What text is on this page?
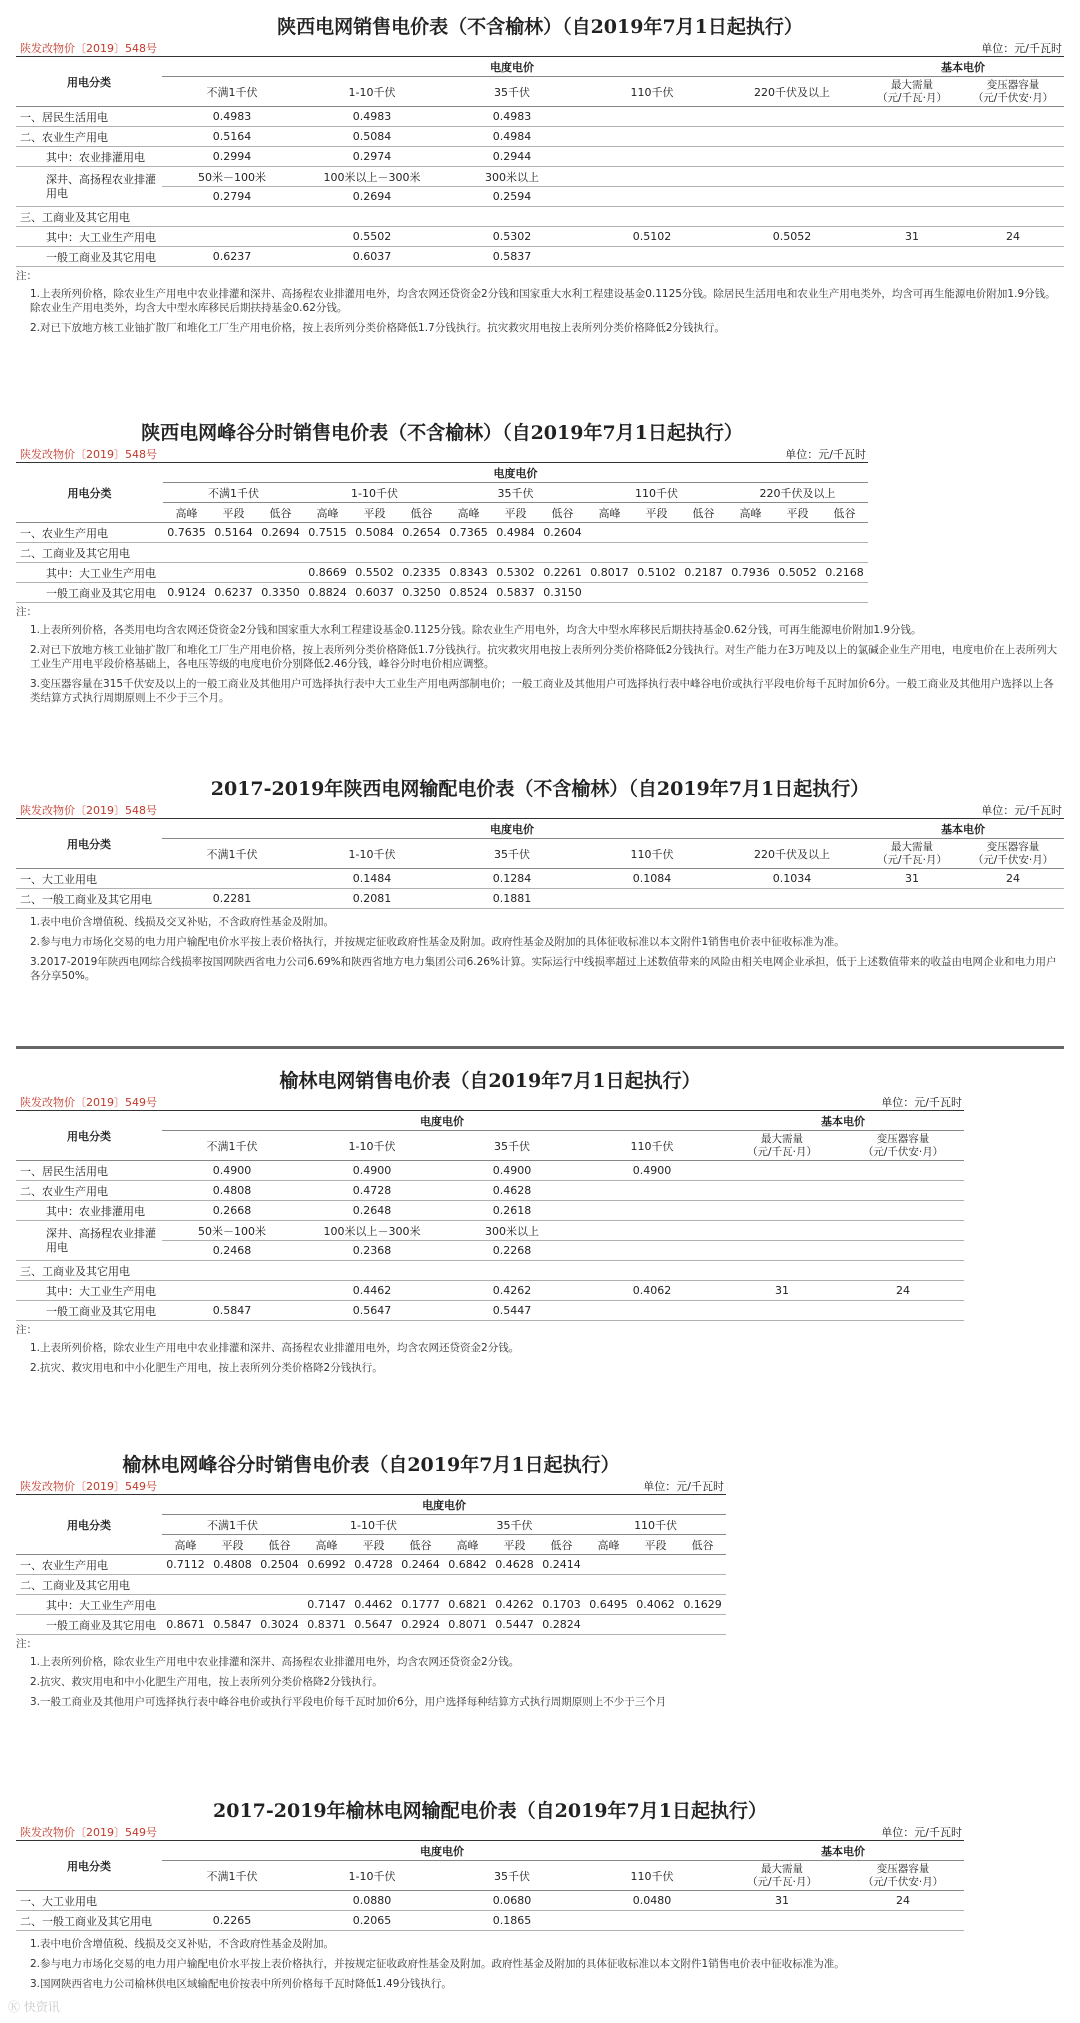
陕西电网销售电价表（不含榆林）（自2019年7月1日起执行）
陕发改物价〔2019〕548号	单位：元/千瓦时
用电分类	电度电价					基本电价	
	不满1千伏	1-10千伏	35千伏	110千伏	220千伏及以上	最大需量
（元/千瓦·月）	变压器容量
（元/千伏安·月）
一、居民生活用电	0.4983	0.4983	0.4983				
二、农业生产用电	0.5164	0.5084	0.4984				
其中：农业排灌用电	0.2994	0.2974	0.2944				
深井、高扬程农业排灌用电	50米－100米	100米以上－300米	300米以上				
	0.2794	0.2694	0.2594				
三、工商业及其它用电							
其中：大工业生产用电		0.5502	0.5302	0.5102	0.5052	31	24
一般工商业及其它用电	0.6237	0.6037	0.5837				
注：

1.上表所列价格，除农业生产用电中农业排灌和深井、高扬程农业排灌用电外，均含农网还贷资金2分钱和国家重大水利工程建设基金0.1125分钱。除居民生活用电和农业生产用电类外，均含可再生能源电价附加1.9分钱。除农业生产用电类外，均含大中型水库移民后期扶持基金0.62分钱。

2.对已下放地方核工业铀扩散厂和堆化工厂生产用电价格，按上表所列分类价格降低1.7分钱执行。抗灾救灾用电按上表所列分类价格降低2分钱执行。

陕西电网峰谷分时销售电价表（不含榆林）（自2019年7月1日起执行）
陕发改物价〔2019〕548号	单位：元/千瓦时
用电分类	电度电价														
	不满1千伏			1-10千伏			35千伏			110千伏			220千伏及以上		
	高峰	平段	低谷	高峰	平段	低谷	高峰	平段	低谷	高峰	平段	低谷	高峰	平段	低谷
一、农业生产用电	0.7635	0.5164	0.2694	0.7515	0.5084	0.2654	0.7365	0.4984	0.2604						
二、工商业及其它用电															
其中：大工业生产用电				0.8669	0.5502	0.2335	0.8343	0.5302	0.2261	0.8017	0.5102	0.2187	0.7936	0.5052	0.2168
一般工商业及其它用电	0.9124	0.6237	0.3350	0.8824	0.6037	0.3250	0.8524	0.5837	0.3150						
注：

1.上表所列价格，各类用电均含农网还贷资金2分钱和国家重大水利工程建设基金0.1125分钱。除农业生产用电外，均含大中型水库移民后期扶持基金0.62分钱，可再生能源电价附加1.9分钱。

2.对已下放地方核工业铀扩散厂和堆化工厂生产用电价格，按上表所列分类价格降低1.7分钱执行。抗灾救灾用电按上表所列分类价格降低2分钱执行。对生产能力在3万吨及以上的氯碱企业生产用电，电度电价在上表所列大工业生产用电平段价格基础上，各电压等级的电度电价分别降低2.46分钱，峰谷分时电价相应调整。

3.变压器容量在315千伏安及以上的一般工商业及其他用户可选择执行表中大工业生产用电两部制电价；一般工商业及其他用户可选择执行表中峰谷电价或执行平段电价每千瓦时加价6分。一般工商业及其他用户选择以上各类结算方式执行周期原则上不少于三个月。

2017-2019年陕西电网输配电价表（不含榆林）（自2019年7月1日起执行）
陕发改物价〔2019〕548号	单位：元/千瓦时
用电分类	电度电价					基本电价	
	不满1千伏	1-10千伏	35千伏	110千伏	220千伏及以上	最大需量
（元/千瓦·月）	变压器容量
（元/千伏安·月）
一、大工业用电		0.1484	0.1284	0.1084	0.1034	31	24
二、一般工商业及其它用电	0.2281	0.2081	0.1881				

1.表中电价含增值税、线损及交叉补贴，不含政府性基金及附加。

2.参与电力市场化交易的电力用户输配电价水平按上表价格执行，并按规定征收政府性基金及附加。政府性基金及附加的具体征收标准以本文附件1销售电价表中征收标准为准。

3.2017-2019年陕西电网综合线损率按国网陕西省电力公司6.69%和陕西省地方电力集团公司6.26%计算。实际运行中线损率超过上述数值带来的风险由相关电网企业承担，低于上述数值带来的收益由电网企业和电力用户各分享50%。

榆林电网销售电价表（自2019年7月1日起执行）
陕发改物价〔2019〕549号	单位：元/千瓦时
用电分类	电度电价				基本电价	
	不满1千伏	1-10千伏	35千伏	110千伏	最大需量
（元/千瓦·月）	变压器容量
（元/千伏安·月）
一、居民生活用电	0.4900	0.4900	0.4900	0.4900		
二、农业生产用电	0.4808	0.4728	0.4628			
其中：农业排灌用电	0.2668	0.2648	0.2618			
深井、高扬程农业排灌用电	50米－100米	100米以上－300米	300米以上			
	0.2468	0.2368	0.2268			
三、工商业及其它用电						
其中：大工业生产用电		0.4462	0.4262	0.4062	31	24
一般工商业及其它用电	0.5847	0.5647	0.5447			
注：

1.上表所列价格，除农业生产用电中农业排灌和深井、高扬程农业排灌用电外，均含农网还贷资金2分钱。

2.抗灾、救灾用电和中小化肥生产用电，按上表所列分类价格降2分钱执行。

榆林电网峰谷分时销售电价表（自2019年7月1日起执行）
陕发改物价〔2019〕549号	单位：元/千瓦时
用电分类	电度电价											
	不满1千伏			1-10千伏			35千伏			110千伏		
	高峰	平段	低谷	高峰	平段	低谷	高峰	平段	低谷	高峰	平段	低谷
一、农业生产用电	0.7112	0.4808	0.2504	0.6992	0.4728	0.2464	0.6842	0.4628	0.2414			
二、工商业及其它用电												
其中：大工业生产用电				0.7147	0.4462	0.1777	0.6821	0.4262	0.1703	0.6495	0.4062	0.1629
一般工商业及其它用电	0.8671	0.5847	0.3024	0.8371	0.5647	0.2924	0.8071	0.5447	0.2824			
注：

1.上表所列价格，除农业生产用电中农业排灌和深井、高扬程农业排灌用电外，均含农网还贷资金2分钱。

2.抗灾、救灾用电和中小化肥生产用电，按上表所列分类价格降2分钱执行。

3.一般工商业及其他用户可选择执行表中峰谷电价或执行平段电价每千瓦时加价6分，用户选择每种结算方式执行周期原则上不少于三个月

2017-2019年榆林电网输配电价表（自2019年7月1日起执行）
陕发改物价〔2019〕549号	单位：元/千瓦时
用电分类	电度电价				基本电价	
	不满1千伏	1-10千伏	35千伏	110千伏	最大需量
（元/千瓦·月）	变压器容量
（元/千伏安·月）
一、大工业用电		0.0880	0.0680	0.0480	31	24
二、一般工商业及其它用电	0.2265	0.2065	0.1865			

1.表中电价含增值税、线损及交叉补贴，不含政府性基金及附加。

2.参与电力市场化交易的电力用户输配电价水平按上表价格执行，并按规定征收政府性基金及附加。政府性基金及附加的具体征收标准以本文附件1销售电价表中征收标准为准。

3.国网陕西省电力公司榆林供电区域输配电价按表中所列价格每千瓦时降低1.49分钱执行。

Ⓚ 快资讯
